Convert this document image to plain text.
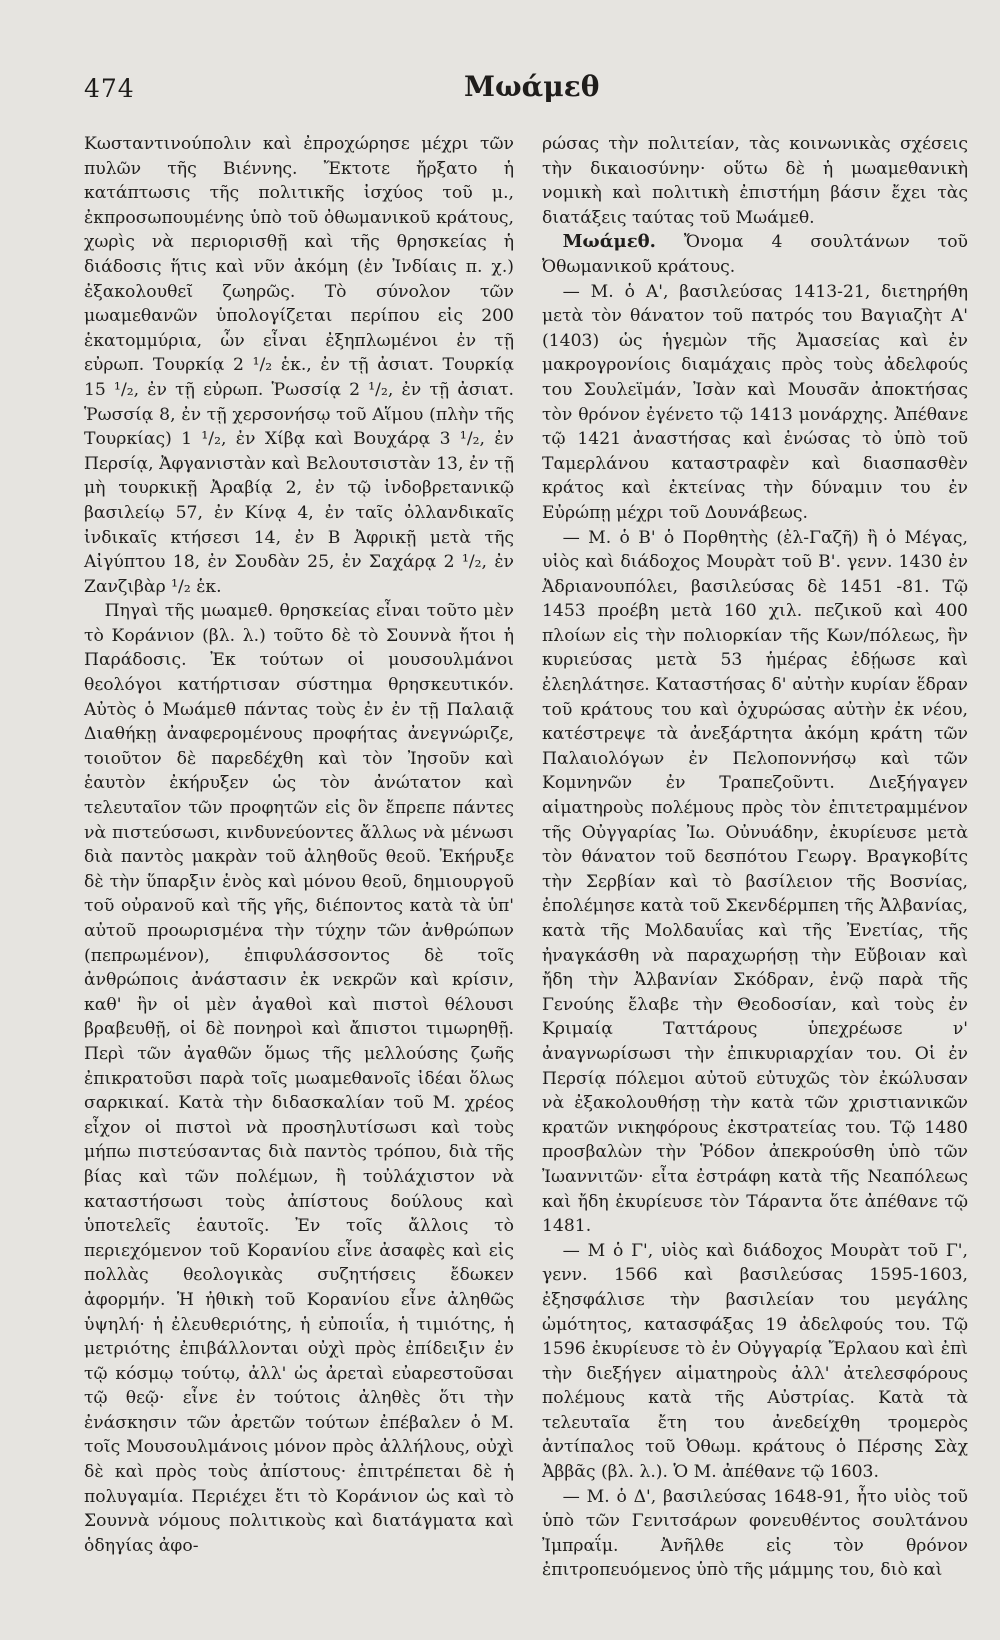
474	Μωάμεθ

Κωσταντινούπολιν καὶ ἐπροχώρησε μέχρι τῶν πυλῶν τῆς Βιέννης. Ἔκτοτε ἤρξατο ἡ κατάπτωσις τῆς πολιτικῆς ἰσχύος τοῦ μ., ἐκπροσωπουμένης ὑπὸ τοῦ ὀθωμανικοῦ κράτους, χωρὶς νὰ περιορισθῇ καὶ τῆς θρησκείας ἡ διάδοσις ἥτις καὶ νῦν ἀκόμη (ἐν Ἰνδίαις π. χ.) ἐξακολουθεῖ ζωηρῶς. Τὸ σύνολον τῶν μωαμεθανῶν ὑπολογίζεται περίπου εἰς 200 ἑκατομμύρια, ὧν εἶναι ἐξηπλωμένοι ἐν τῇ εὐρωπ. Τουρκίᾳ 2 ¹/₂ ἑκ., ἐν τῇ ἀσιατ. Τουρκίᾳ 15 ¹/₂, ἐν τῇ εὐρωπ. Ῥωσσίᾳ 2 ¹/₂, ἐν τῇ ἀσιατ. Ῥωσσίᾳ 8, ἐν τῇ χερσονήσῳ τοῦ Αἵμου (πλὴν τῆς Τουρκίας) 1 ¹/₂, ἐν Χίβᾳ καὶ Βουχάρᾳ 3 ¹/₂, ἐν Περσίᾳ, Ἀφγανιστὰν καὶ Βελουτσιστὰν 13, ἐν τῇ μὴ τουρκικῇ Ἀραβίᾳ 2, ἐν τῷ ἰνδοβρετανικῷ βασιλείῳ 57, ἐν Κίνᾳ 4, ἐν ταῖς ὀλλανδικαῖς ἰνδικαῖς κτήσεσι 14, ἐν Β Ἀφρικῇ μετὰ τῆς Αἰγύπτου 18, ἐν Σουδὰν 25, ἐν Σαχάρᾳ 2 ¹/₂, ἐν Ζανζιβὰρ ¹/₂ ἑκ.

Πηγαὶ τῆς μωαμεθ. θρησκείας εἶναι τοῦτο μὲν τὸ Κοράνιον (βλ. λ.) τοῦτο δὲ τὸ Σουννὰ ἤτοι ἡ Παράδοσις. Ἐκ τούτων οἱ μουσουλμάνοι θεολόγοι κατήρτισαν σύστημα θρησκευτικόν. Αὐτὸς ὁ Μωάμεθ πάντας τοὺς ἐν ἐν τῇ Παλαιᾷ Διαθήκῃ ἀναφερομένους προφήτας ἀνεγνώριζε, τοιοῦτον δὲ παρεδέχθη καὶ τὸν Ἰησοῦν καὶ ἑαυτὸν ἐκήρυξεν ὡς τὸν ἀνώτατον καὶ τελευταῖον τῶν προφητῶν εἰς ὃν ἔπρεπε πάντες νὰ πιστεύσωσι, κινδυνεύοντες ἄλλως νὰ μένωσι διὰ παντὸς μακρὰν τοῦ ἀληθοῦς θεοῦ. Ἐκήρυξε δὲ τὴν ὕπαρξιν ἑνὸς καὶ μόνου θεοῦ, δημιουργοῦ τοῦ οὐρανοῦ καὶ τῆς γῆς, διέποντος κατὰ τὰ ὑπ' αὐτοῦ προωρισμένα τὴν τύχην τῶν ἀνθρώπων (πεπρωμένον), ἐπιφυλάσσοντος δὲ τοῖς ἀνθρώποις ἀνάστασιν ἐκ νεκρῶν καὶ κρίσιν, καθ' ἣν οἱ μὲν ἀγαθοὶ καὶ πιστοὶ θέλουσι βραβευθῇ, οἱ δὲ πονηροὶ καὶ ἄπιστοι τιμωρηθῇ. Περὶ τῶν ἀγαθῶν ὅμως τῆς μελλούσης ζωῆς ἐπικρατοῦσι παρὰ τοῖς μωαμεθανοῖς ἰδέαι ὅλως σαρκικαί. Κατὰ τὴν διδασκαλίαν τοῦ Μ. χρέος εἶχον οἱ πιστοὶ νὰ προσηλυτίσωσι καὶ τοὺς μήπω πιστεύσαντας διὰ παντὸς τρόπου, διὰ τῆς βίας καὶ τῶν πολέμων, ἢ τοὐλάχιστον νὰ καταστήσωσι τοὺς ἀπίστους δούλους καὶ ὑποτελεῖς ἑαυτοῖς. Ἐν τοῖς ἄλλοις τὸ περιεχόμενον τοῦ Κορανίου εἶνε ἀσαφὲς καὶ εἰς πολλὰς θεολογικὰς συζητήσεις ἔδωκεν ἀφορμήν. Ἡ ἠθικὴ τοῦ Κορανίου εἶνε ἀληθῶς ὑψηλή· ἡ ἐλευθεριότης, ἡ εὐποιΐα, ἡ τιμιότης, ἡ μετριότης ἐπιβάλλονται οὐχὶ πρὸς ἐπίδειξιν ἐν τῷ κόσμῳ τούτῳ, ἀλλ' ὡς ἀρεταὶ εὐαρεστοῦσαι τῷ θεῷ· εἶνε ἐν τούτοις ἀληθὲς ὅτι τὴν ἐνάσκησιν τῶν ἀρετῶν τούτων ἐπέβαλεν ὁ Μ. τοῖς Μουσουλμάνοις μόνον πρὸς ἀλλήλους, οὐχὶ δὲ καὶ πρὸς τοὺς ἀπίστους· ἐπιτρέπεται δὲ ἡ πολυγαμία. Περιέχει ἔτι τὸ Κοράνιον ὡς καὶ τὸ Σουννὰ νόμους πολιτικοὺς καὶ διατάγματα καὶ ὁδηγίας ἀφο-

ρώσας τὴν πολιτείαν, τὰς κοινωνικὰς σχέσεις τὴν δικαιοσύνην· οὕτω δὲ ἡ μωαμεθανικὴ νομικὴ καὶ πολιτικὴ ἐπιστήμη βάσιν ἔχει τὰς διατάξεις ταύτας τοῦ Μωάμεθ.

Μωάμεθ. Ὄνομα 4 σουλτάνων τοῦ Ὀθωμανικοῦ κράτους.

— Μ. ὁ Α', βασιλεύσας 1413-21, διετηρήθη μετὰ τὸν θάνατον τοῦ πατρός του Βαγιαζὴτ Α' (1403) ὡς ἡγεμὼν τῆς Ἀμασείας καὶ ἐν μακρογρονίοις διαμάχαις πρὸς τοὺς ἀδελφούς του Σουλεϊμάν, Ἰσὰν καὶ Μουσᾶν ἀποκτήσας τὸν θρόνον ἐγένετο τῷ 1413 μονάρχης. Ἀπέθανε τῷ 1421 ἀναστήσας καὶ ἑνώσας τὸ ὑπὸ τοῦ Ταμερλάνου καταστραφὲν καὶ διασπασθὲν κράτος καὶ ἐκτείνας τὴν δύναμιν του ἐν Εὐρώπῃ μέχρι τοῦ Δουνάβεως.

— Μ. ὁ Β' ὁ Πορθητὴς (ἐλ-Γαζῆ) ἢ ὁ Μέγας, υἱὸς καὶ διάδοχος Μουρὰτ τοῦ Β'. γενν. 1430 ἐν Ἀδριανουπόλει, βασιλεύσας δὲ 1451 -81. Τῷ 1453 προέβη μετὰ 160 χιλ. πεζικοῦ καὶ 400 πλοίων εἰς τὴν πολιορκίαν τῆς Κων/πόλεως, ἣν κυριεύσας μετὰ 53 ἡμέρας ἐδῄωσε καὶ ἐλεηλάτησε. Καταστήσας δ' αὐτὴν κυρίαν ἕδραν τοῦ κράτους του καὶ ὀχυρώσας αὐτὴν ἐκ νέου, κατέστρεψε τὰ ἀνεξάρτητα ἀκόμη κράτη τῶν Παλαιολόγων ἐν Πελοποννήσῳ καὶ τῶν Κομνηνῶν ἐν Τραπεζοῦντι. Διεξήγαγεν αἱματηροὺς πολέμους πρὸς τὸν ἐπιτετραμμένον τῆς Οὐγγαρίας Ἰω. Οὐνυάδην, ἐκυρίευσε μετὰ τὸν θάνατον τοῦ δεσπότου Γεωργ. Βραγκοβίτς τὴν Σερβίαν καὶ τὸ βασίλειον τῆς Βοσνίας, ἐπολέμησε κατὰ τοῦ Σκενδέρμπεη τῆς Ἀλβανίας, κατὰ τῆς Μολδαυΐας καὶ τῆς Ἐνετίας, τῆς ἠναγκάσθη νὰ παραχωρήσῃ τὴν Εὔβοιαν καὶ ἤδη τὴν Ἀλβανίαν Σκόδραν, ἐνῷ παρὰ τῆς Γενούης ἔλαβε τὴν Θεοδοσίαν, καὶ τοὺς ἐν Κριμαίᾳ Ταττάρους ὑπεχρέωσε ν' ἀναγνωρίσωσι τὴν ἐπικυριαρχίαν του. Οἱ ἐν Περσίᾳ πόλεμοι αὐτοῦ εὐτυχῶς τὸν ἐκώλυσαν νὰ ἐξακολουθήσῃ τὴν κατὰ τῶν χριστιανικῶν κρατῶν νικηφόρους ἐκστρατείας του. Τῷ 1480 προσβαλὼν τὴν Ῥόδον ἀπεκρούσθη ὑπὸ τῶν Ἰωαννιτῶν· εἶτα ἐστράφη κατὰ τῆς Νεαπόλεως καὶ ἤδη ἐκυρίευσε τὸν Τάραντα ὅτε ἀπέθανε τῷ 1481.

— Μ ὁ Γ', υἱὸς καὶ διάδοχος Μουρὰτ τοῦ Γ', γενν. 1566 καὶ βασιλεύσας 1595-1603, ἐξησφάλισε τὴν βασιλείαν του μεγάλης ὠμότητος, κατασφάξας 19 ἀδελφούς του. Τῷ 1596 ἐκυρίευσε τὸ ἐν Οὐγγαρίᾳ Ἔρλαου καὶ ἐπὶ τὴν διεξήγεν αἱματηροὺς ἀλλ' ἀτελεσφόρους πολέμους κατὰ τῆς Αὐστρίας. Κατὰ τὰ τελευταῖα ἔτη του ἀνεδείχθη τρομερὸς ἀντίπαλος τοῦ Ὀθωμ. κράτους ὁ Πέρσης Σὰχ Ἀββᾶς (βλ. λ.). Ὁ Μ. ἀπέθανε τῷ 1603.

— Μ. ὁ Δ', βασιλεύσας 1648-91, ἦτο υἱὸς τοῦ ὑπὸ τῶν Γενιτσάρων φονευθέντος σουλτάνου Ἰμπραΐμ. Ἀνῆλθε εἰς τὸν θρόνον ἐπιτροπευόμενος ὑπὸ τῆς μάμμης του, διὸ καὶ
